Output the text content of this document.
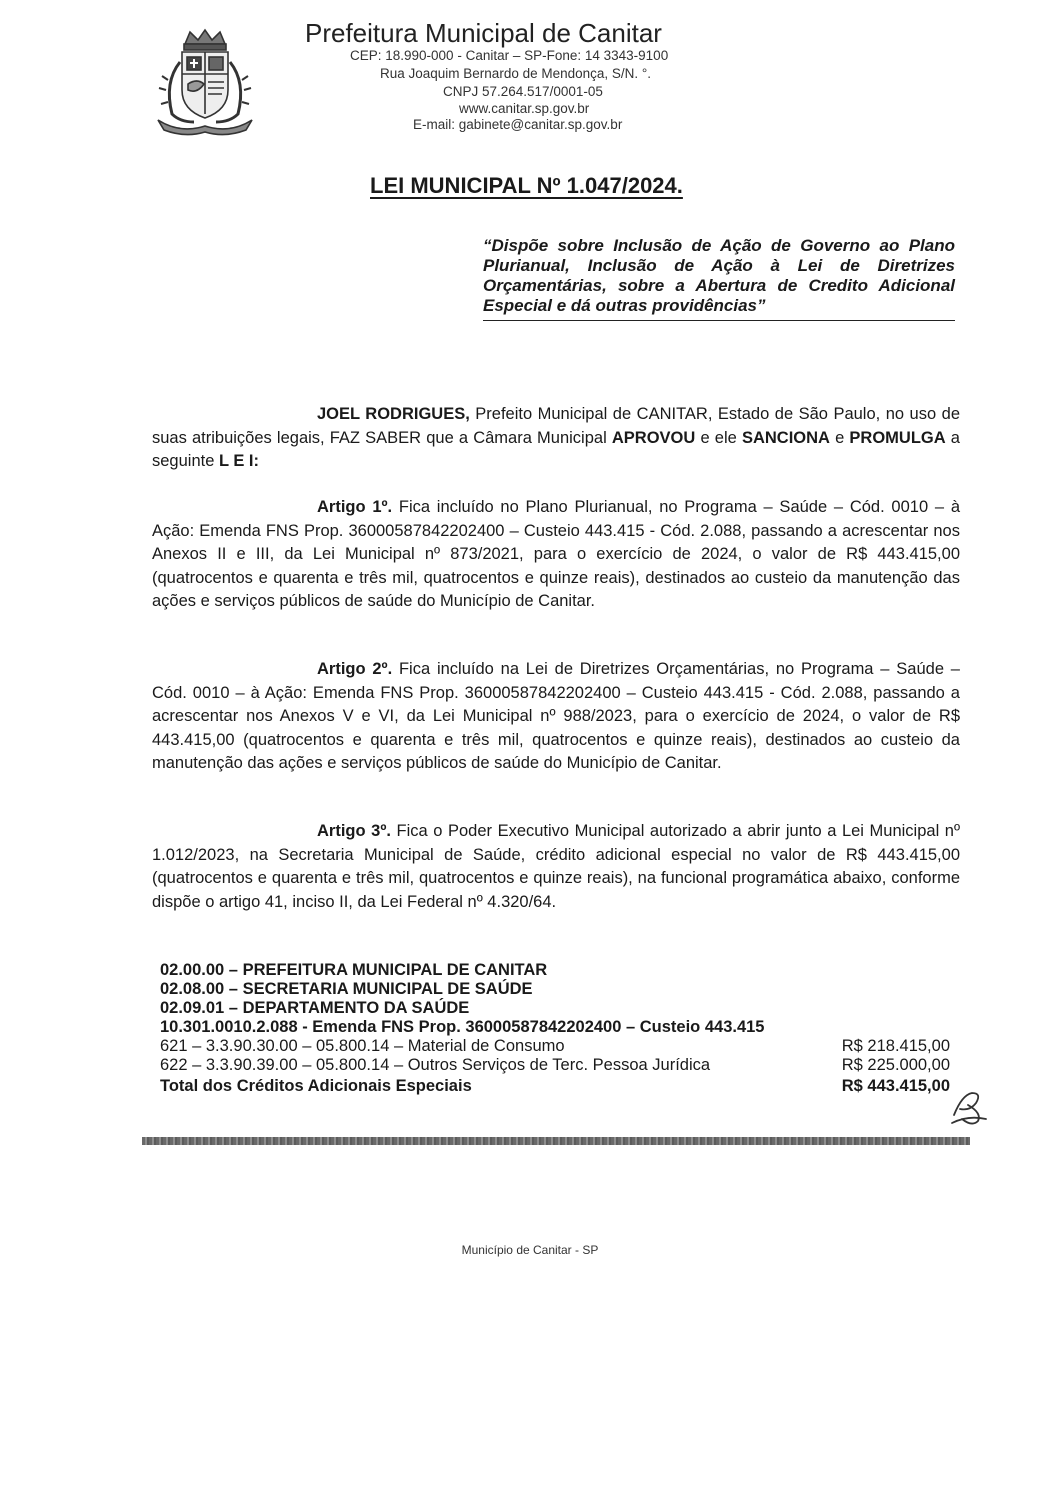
Prefeitura Municipal de Canitar
CEP: 18.990-000 - Canitar – SP-Fone: 14 3343-9100
Rua Joaquim Bernardo de Mendonça, S/N. °.
CNPJ 57.264.517/0001-05
www.canitar.sp.gov.br
E-mail: gabinete@canitar.sp.gov.br
LEI MUNICIPAL Nº 1.047/2024.
“Dispõe sobre Inclusão de Ação de Governo ao Plano Plurianual, Inclusão de Ação à Lei de Diretrizes Orçamentárias, sobre a Abertura de Credito Adicional Especial e dá outras providências”
JOEL RODRIGUES, Prefeito Municipal de CANITAR, Estado de São Paulo, no uso de suas atribuições legais, FAZ SABER que a Câmara Municipal APROVOU e ele SANCIONA e PROMULGA a seguinte L E I:
Artigo 1º. Fica incluído no Plano Plurianual, no Programa – Saúde – Cód. 0010 – à Ação: Emenda FNS Prop. 36000587842202400 – Custeio 443.415 - Cód. 2.088, passando a acrescentar nos Anexos II e III, da Lei Municipal nº 873/2021, para o exercício de 2024, o valor de R$ 443.415,00 (quatrocentos e quarenta e três mil, quatrocentos e quinze reais), destinados ao custeio da manutenção das ações e serviços públicos de saúde do Município de Canitar.
Artigo 2º. Fica incluído na Lei de Diretrizes Orçamentárias, no Programa – Saúde – Cód. 0010 – à Ação: Emenda FNS Prop. 36000587842202400 – Custeio 443.415 - Cód. 2.088, passando a acrescentar nos Anexos V e VI, da Lei Municipal nº 988/2023, para o exercício de 2024, o valor de R$ 443.415,00 (quatrocentos e quarenta e três mil, quatrocentos e quinze reais), destinados ao custeio da manutenção das ações e serviços públicos de saúde do Município de Canitar.
Artigo 3º. Fica o Poder Executivo Municipal autorizado a abrir junto a Lei Municipal nº 1.012/2023, na Secretaria Municipal de Saúde, crédito adicional especial no valor de R$ 443.415,00 (quatrocentos e quarenta e três mil, quatrocentos e quinze reais), na funcional programática abaixo, conforme dispõe o artigo 41, inciso II, da Lei Federal nº 4.320/64.
02.00.00 – PREFEITURA MUNICIPAL DE CANITAR
02.08.00 – SECRETARIA MUNICIPAL DE SAÚDE
02.09.01 – DEPARTAMENTO DA SAÚDE
10.301.0010.2.088 - Emenda FNS Prop. 36000587842202400 – Custeio 443.415
621 – 3.3.90.30.00 – 05.800.14 – Material de Consumo	R$ 218.415,00
622 – 3.3.90.39.00 – 05.800.14 – Outros Serviços de Terc. Pessoa Jurídica	R$ 225.000,00
Total dos Créditos Adicionais Especiais	R$ 443.415,00
Município de Canitar - SP
